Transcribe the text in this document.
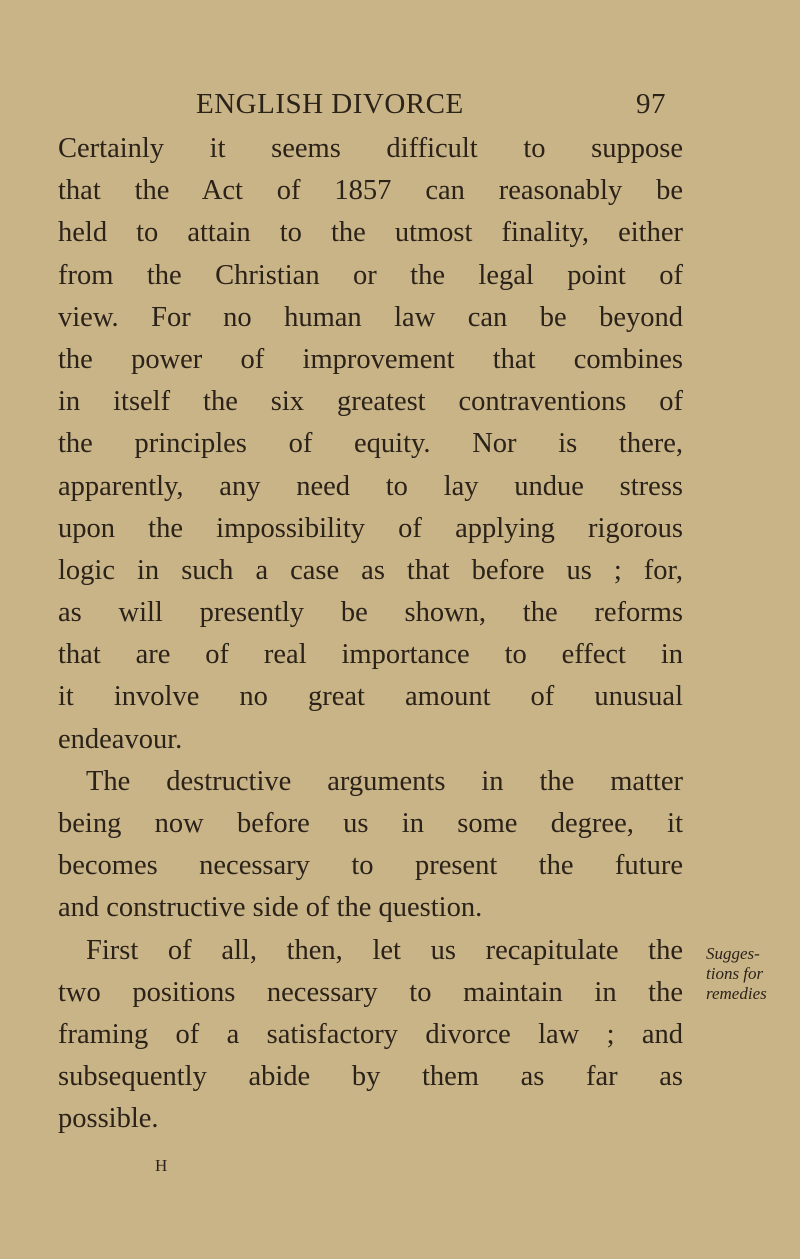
ENGLISH DIVORCE	97
Certainly it seems difficult to suppose
that the Act of 1857 can reasonably be
held to attain to the utmost finality, either
from the Christian or the legal point of
view. For no human law can be beyond
the power of improvement that combines
in itself the six greatest contraventions of
the principles of equity. Nor is there,
apparently, any need to lay undue stress
upon the impossibility of applying rigorous
logic in such a case as that before us ; for,
as will presently be shown, the reforms
that are of real importance to effect in
it involve no great amount of unusual
endeavour.
The destructive arguments in the matter
being now before us in some degree, it
becomes necessary to present the future
and constructive side of the question.
First of all, then, let us recapitulate the
two positions necessary to maintain in the
framing of a satisfactory divorce law ; and
subsequently abide by them as far as
possible.
Sugges-
tions for
remedies
H
